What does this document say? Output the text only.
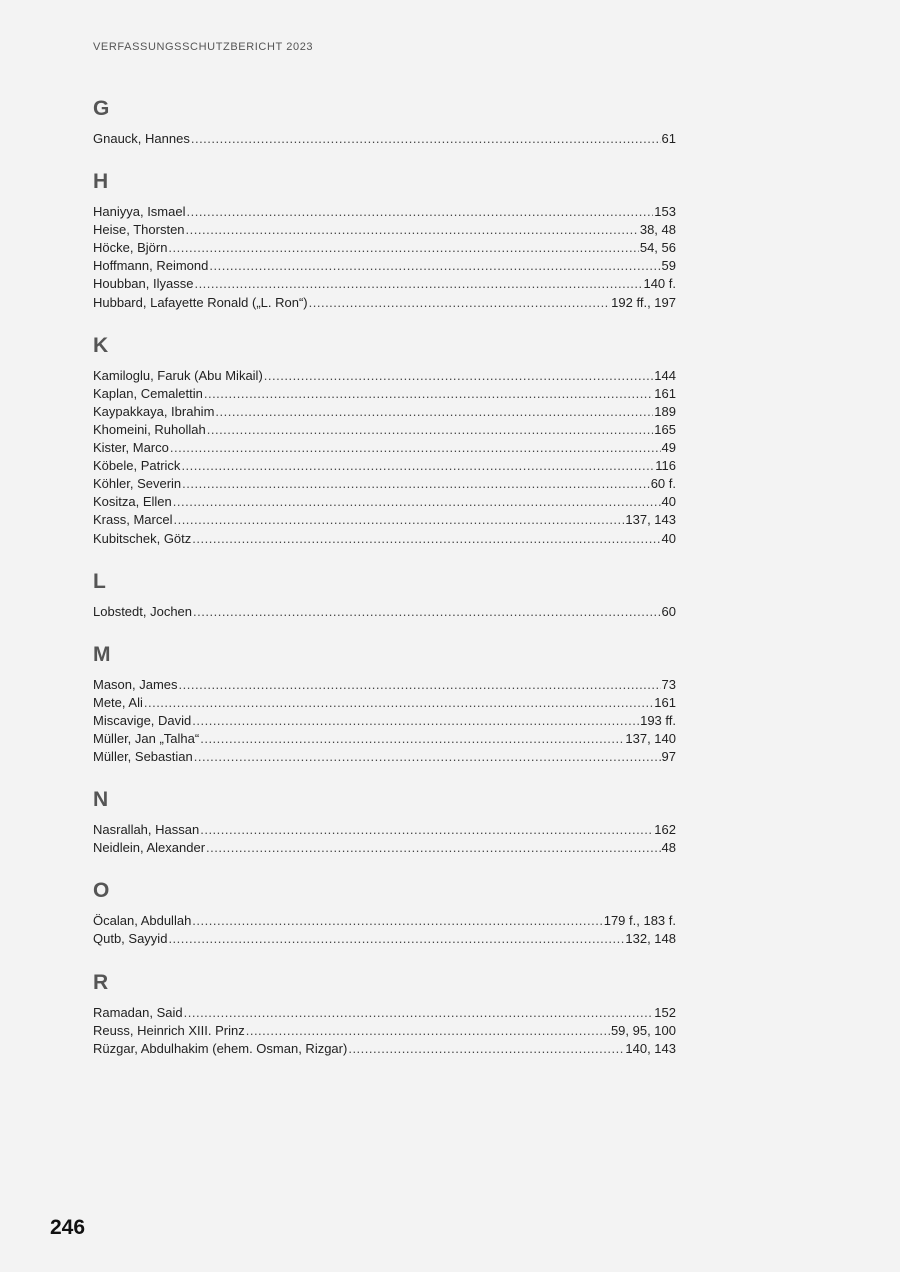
VERFASSUNGSSCHUTZBERICHT 2023
G
Gnauck, Hannes .....	61
H
Haniyya, Ismael .....	153
Heise, Thorsten .....	38, 48
Höcke, Björn .....	54, 56
Hoffmann, Reimond .....	59
Houbban, Ilyasse .....	140 f.
Hubbard, Lafayette Ronald („L. Ron“) .....	192 ff., 197
K
Kamiloglu, Faruk (Abu Mikail) .....	144
Kaplan, Cemalettin .....	161
Kaypakkaya, Ibrahim .....	189
Khomeini, Ruhollah .....	165
Kister, Marco .....	49
Köbele, Patrick .....	116
Köhler, Severin .....	60 f.
Kositza, Ellen .....	40
Krass, Marcel .....	137, 143
Kubitschek, Götz .....	40
L
Lobstedt, Jochen .....	60
M
Mason, James .....	73
Mete, Ali .....	161
Miscavige, David .....	193 ff.
Müller, Jan „Talha“ .....	137, 140
Müller, Sebastian .....	97
N
Nasrallah, Hassan .....	162
Neidlein, Alexander .....	48
O
Öcalan, Abdullah .....	179 f., 183 f.
Qutb, Sayyid .....	132, 148
R
Ramadan, Said .....	152
Reuss, Heinrich XIII. Prinz .....	59, 95, 100
Rüzgar, Abdulhakim (ehem. Osman, Rizgar) .....	140, 143
246
